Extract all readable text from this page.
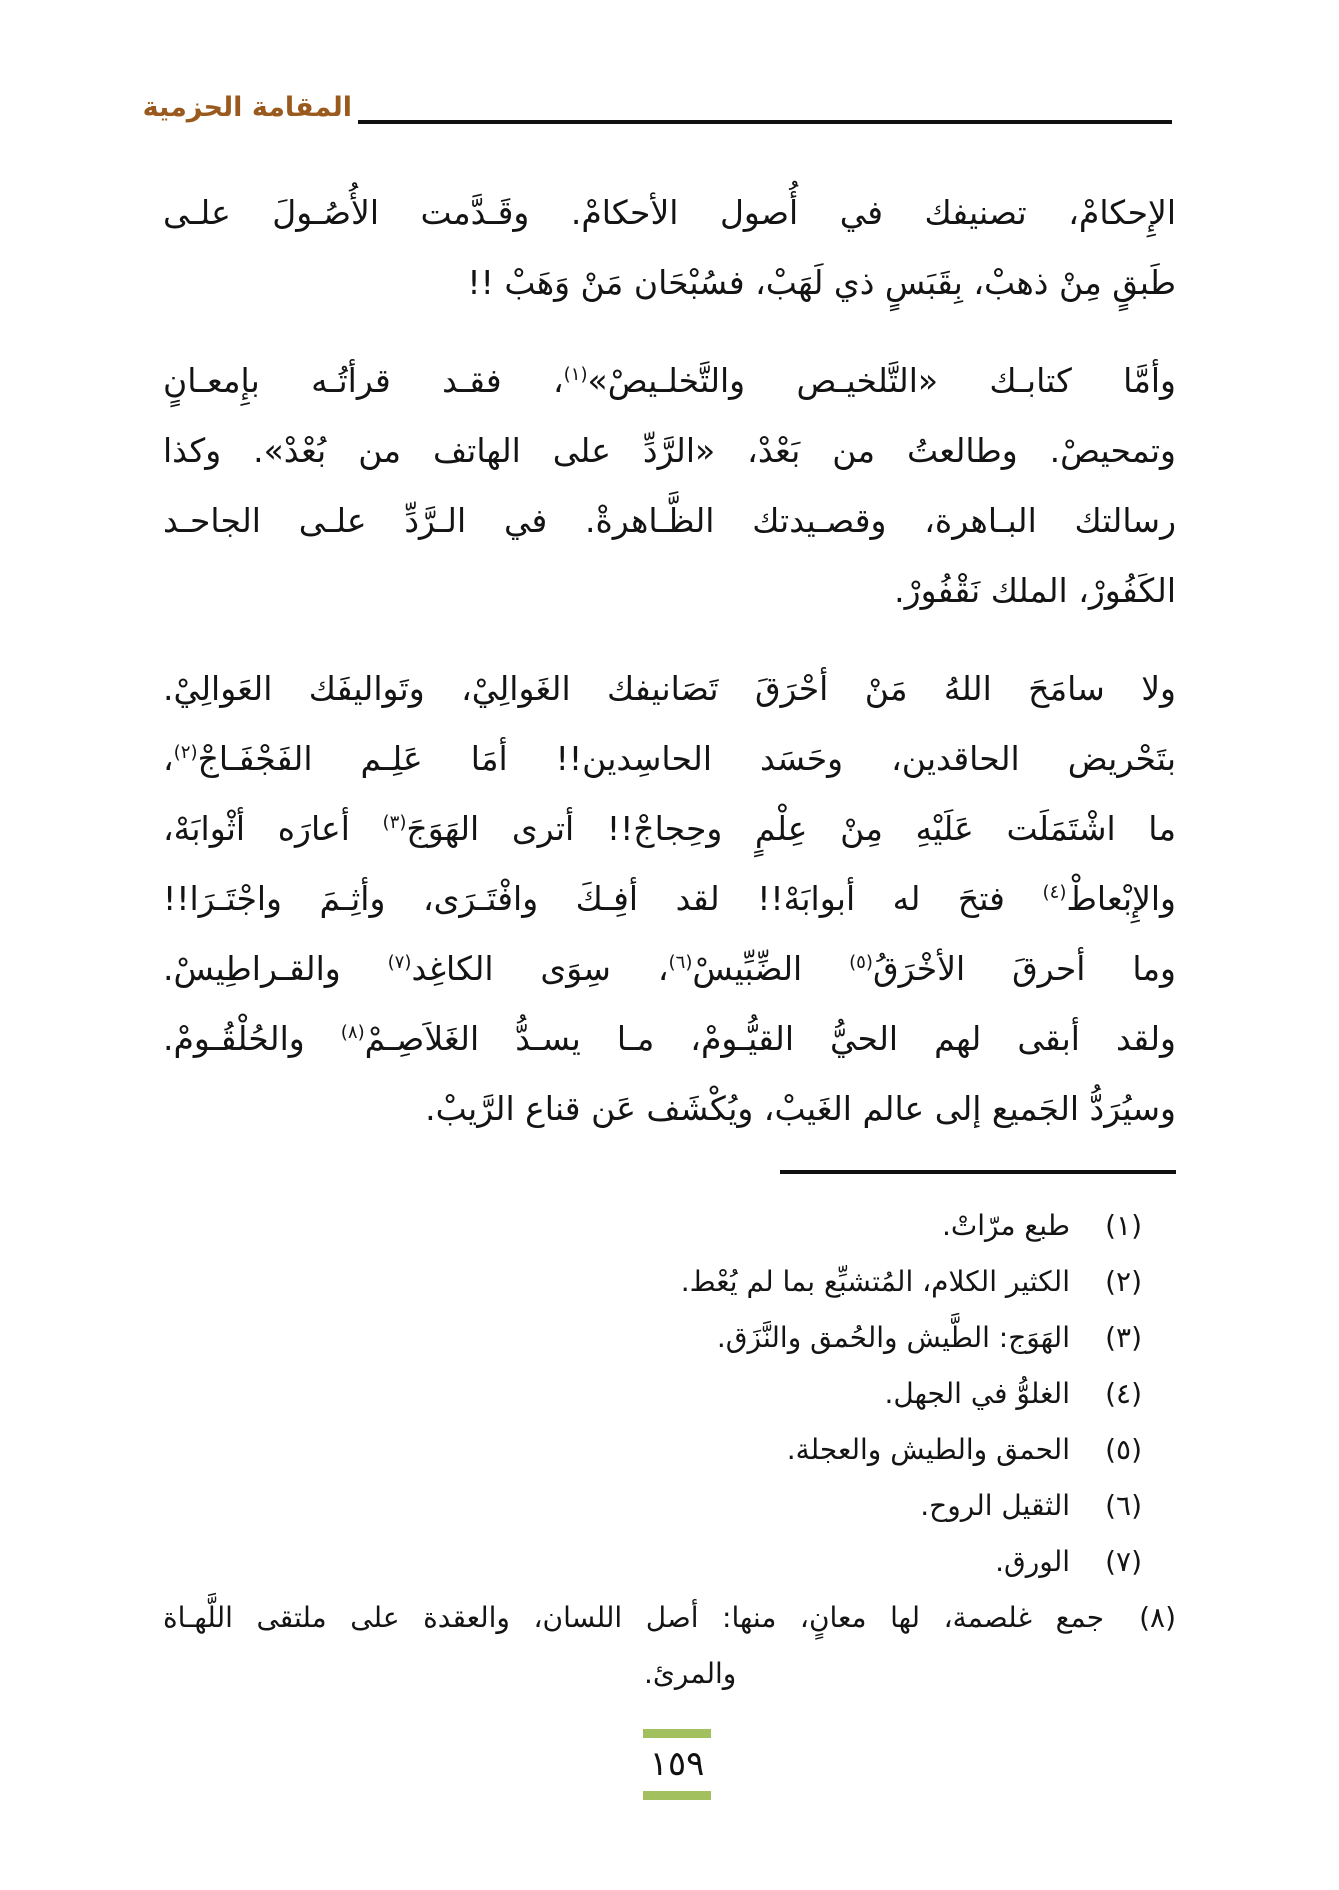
المقامة الحزمية
الإِحكامْ، تصنيفك في أُصول الأحكامْ. وقَـدَّمت الأُصُـولَ علـى
طَبقٍ مِنْ ذهبْ، بِقَبَسٍ ذي لَهَبْ، فسُبْحَان مَنْ وَهَبْ !!
وأمَّا كتابـك «التَّلخيـص والتَّخلـيصْ»$^{(١)}$، فقـد قرأتُـه بإِمعـانٍ
وتمحيصْ. وطالعتُ من بَعْدْ، «الرَّدِّ على الهاتف من بُعْدْ». وكذا
رسالتك البـاهرة، وقصـيدتك الظَّـاهرةْ. في الـرَّدِّ علـى الجاحـد
الكَفُورْ، الملك نَقْفُورْ.
ولا سامَحَ اللهُ مَنْ أحْرَقَ تَصَانيفك الغَوالِيْ، وتَواليفَك العَوالِيْ.
بتَحْريض الحاقدين، وحَسَد الحاسِدين!! أمَا عَلِـم الفَجْفَـاجْ$^{(٢)}$،
ما اشْتَمَلَت عَلَيْهِ مِنْ عِلْمٍ وحِجاجْ!! أترى الهَوَجَ$^{(٣)}$ أعارَه أثْوابَهْ،
والإِبْعاطْ$^{(٤)}$ فتحَ له أبوابَهْ!! لقد أفِـكَ وافْتَـرَى، وأثِـمَ واجْتَـرَا!!
وما أحرقَ الأخْرَقُ$^{(٥)}$ الضِّبِّيسْ$^{(٦)}$، سِوَى الكاغِد$^{(٧)}$ والقـراطِيسْ.
ولقد أبقى لهم الحيُّ القيُّـومْ، مـا يسـدُّ الغَلاَصِـمْ$^{(٨)}$ والحُلْقُـومْ.
وسيُرَدُّ الجَميع إلى عالم الغَيبْ، ويُكْشَف عَن قناع الرَّيبْ.
(١)
طبع مرّاتْ.
(٢)
الكثير الكلام، المُتشبِّع بما لم يُعْط.
(٣)
الهَوَج: الطَّيش والحُمق والنَّزَق.
(٤)
الغلوُّ في الجهل.
(٥)
الحمق والطيش والعجلة.
(٦)
الثقيل الروح.
(٧)
الورق.
(٨)
جمع غلصمة، لها معانٍ، منها: أصل اللسان، والعقدة على ملتقى اللَّهـاة
والمرئ.
١٥٩
